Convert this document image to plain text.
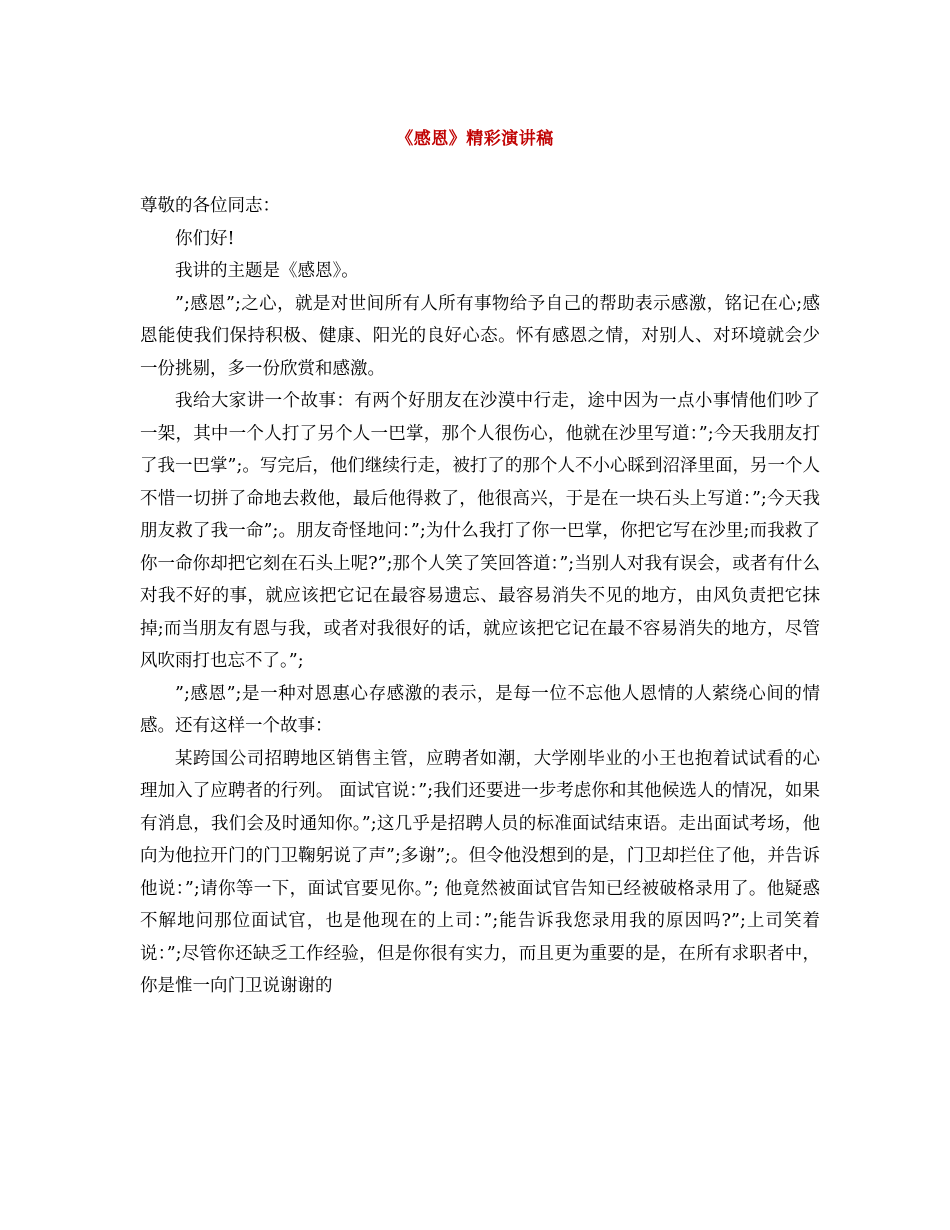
《感恩》精彩演讲稿

尊敬的各位同志：

你们好!

我讲的主题是《感恩》。

”;感恩”;之心，就是对世间所有人所有事物给予自己的帮助表示感激，铭记在心;感恩能使我们保持积极、健康、阳光的良好心态。怀有感恩之情，对别人、对环境就会少一份挑剔，多一份欣赏和感激。

我给大家讲一个故事：有两个好朋友在沙漠中行走，途中因为一点小事情他们吵了一架，其中一个人打了另个人一巴掌，那个人很伤心，他就在沙里写道：”;今天我朋友打了我一巴掌”;。写完后，他们继续行走，被打了的那个人不小心睬到沼泽里面，另一个人不惜一切拼了命地去救他，最后他得救了，他很高兴，于是在一块石头上写道：”;今天我朋友救了我一命”;。朋友奇怪地问：”;为什么我打了你一巴掌，你把它写在沙里;而我救了你一命你却把它刻在石头上呢?”;那个人笑了笑回答道：”;当别人对我有误会，或者有什么对我不好的事，就应该把它记在最容易遗忘、最容易消失不见的地方，由风负责把它抹掉;而当朋友有恩与我，或者对我很好的话，就应该把它记在最不容易消失的地方，尽管风吹雨打也忘不了。”;

”;感恩”;是一种对恩惠心存感激的表示，是每一位不忘他人恩情的人萦绕心间的情感。还有这样一个故事：

某跨国公司招聘地区销售主管，应聘者如潮，大学刚毕业的小王也抱着试试看的心理加入了应聘者的行列。 面试官说：”;我们还要进一步考虑你和其他候选人的情况，如果有消息，我们会及时通知你。”;这几乎是招聘人员的标准面试结束语。走出面试考场，他向为他拉开门的门卫鞠躬说了声”;多谢”;。但令他没想到的是，门卫却拦住了他，并告诉他说：”;请你等一下，面试官要见你。”; 他竟然被面试官告知已经被破格录用了。他疑惑不解地问那位面试官，也是他现在的上司：”;能告诉我您录用我的原因吗?”;上司笑着说：”;尽管你还缺乏工作经验，但是你很有实力，而且更为重要的是，在所有求职者中，你是惟一向门卫说谢谢的
